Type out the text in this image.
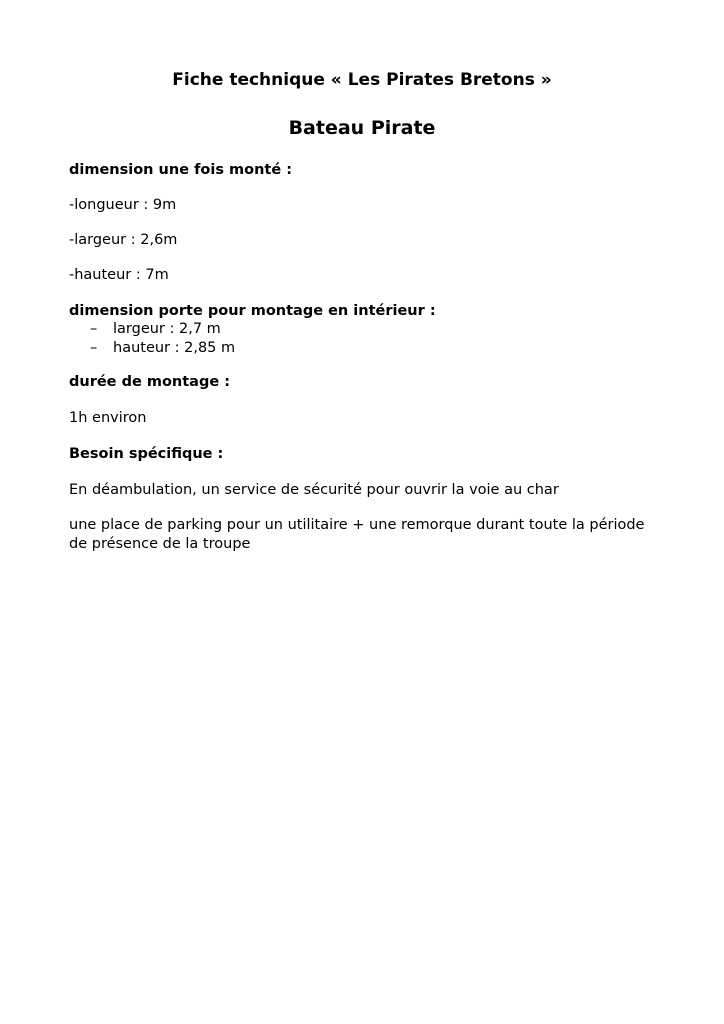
Fiche technique « Les Pirates Bretons »
Bateau Pirate
dimension une fois monté :
-longueur : 9m
-largeur : 2,6m
-hauteur : 7m
dimension porte pour montage en intérieur :
– largeur : 2,7 m
– hauteur : 2,85 m
durée de montage :
1h environ
Besoin spécifique :
En déambulation, un service de sécurité pour ouvrir la voie au char
une place de parking pour un utilitaire + une remorque durant toute la période
de présence de la troupe
